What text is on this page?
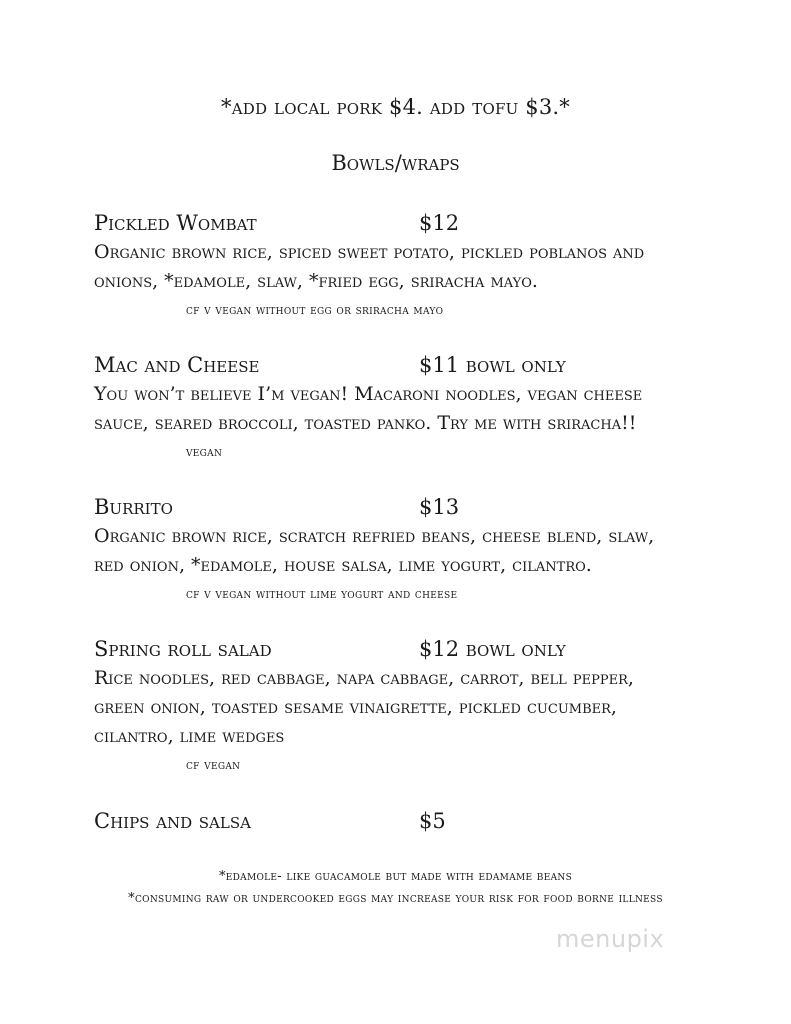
*add local pork $4. add tofu $3.*
Bowls/wraps
Pickled Wombat	$12
Organic brown rice, spiced sweet potato, pickled poblanos and
onions, *edamole, slaw, *fried egg, sriracha mayo.
cf v vegan without egg or sriracha mayo
Mac and Cheese	$11 bowl only
You won’t believe I’m vegan! Macaroni noodles, vegan cheese
sauce, seared broccoli, toasted panko. Try me with sriracha!!
vegan
Burrito	$13
Organic brown rice, scratch refried beans, cheese blend, slaw,
red onion, *edamole, house salsa, lime yogurt, cilantro.
cf v vegan without lime yogurt and cheese
Spring roll salad	$12 bowl only
Rice noodles, red cabbage, napa cabbage, carrot, bell pepper,
green onion, toasted sesame vinaigrette, pickled cucumber,
cilantro, lime wedges
cf vegan
Chips and salsa	$5
*edamole- like guacamole but made with edamame beans
*consuming raw or undercooked eggs may increase your risk for food borne illness
menupix
